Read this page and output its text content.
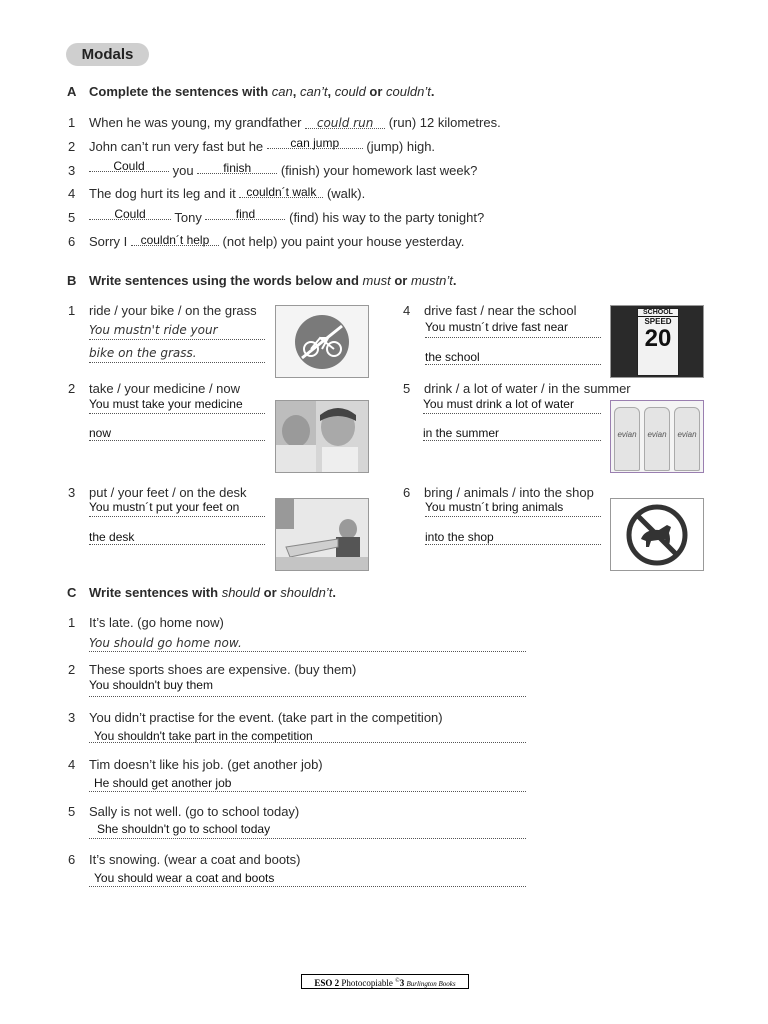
Modals
A Complete the sentences with can, can’t, could or couldn’t.
1 When he was young, my grandfather could run (run) 12 kilometres.
2 John can’t run very fast but he can jump (jump) high.
3	Could you finish (finish) your homework last week?
4 The dog hurt its leg and it couldn´t walk (walk).
5	Could Tony	find	(find) his way to the party tonight?
6 Sorry I couldn´t help (not help) you paint your house yesterday.
B Write sentences using the words below and must or mustn’t.
1 ride / your bike / on the grass
You mustn't ride your
bike on the grass.
2 take / your medicine / now
You must take your medicine
now
3 put / your feet / on the desk
You mustn´t put your feet on
the desk
4 drive fast / near the school
You mustn´t drive fast near
the school
SCHOOL
SPEED
20
5 drink / a lot of water / in the summer
You must drink a lot of water
in the summer	evian	evian	evian
6 bring / animals / into the shop
You mustn´t bring animals
into the shop
C Write sentences with should or shouldn’t.
1 It’s late. (go home now)
You should go home now.
2 These sports shoes are expensive. (buy them)
You shouldn't buy them
3 You didn’t practise for the event. (take part in the competition)
You shouldn't take part in the competition
4 Tim doesn’t like his job. (get another job)
He should get another job
5 Sally is not well. (go to school today)
She shouldn't go to school today
6 It’s snowing. (wear a coat and boots)
You should wear a coat and boots
ESO 2 Photocopiable ©3 Burlington Books
